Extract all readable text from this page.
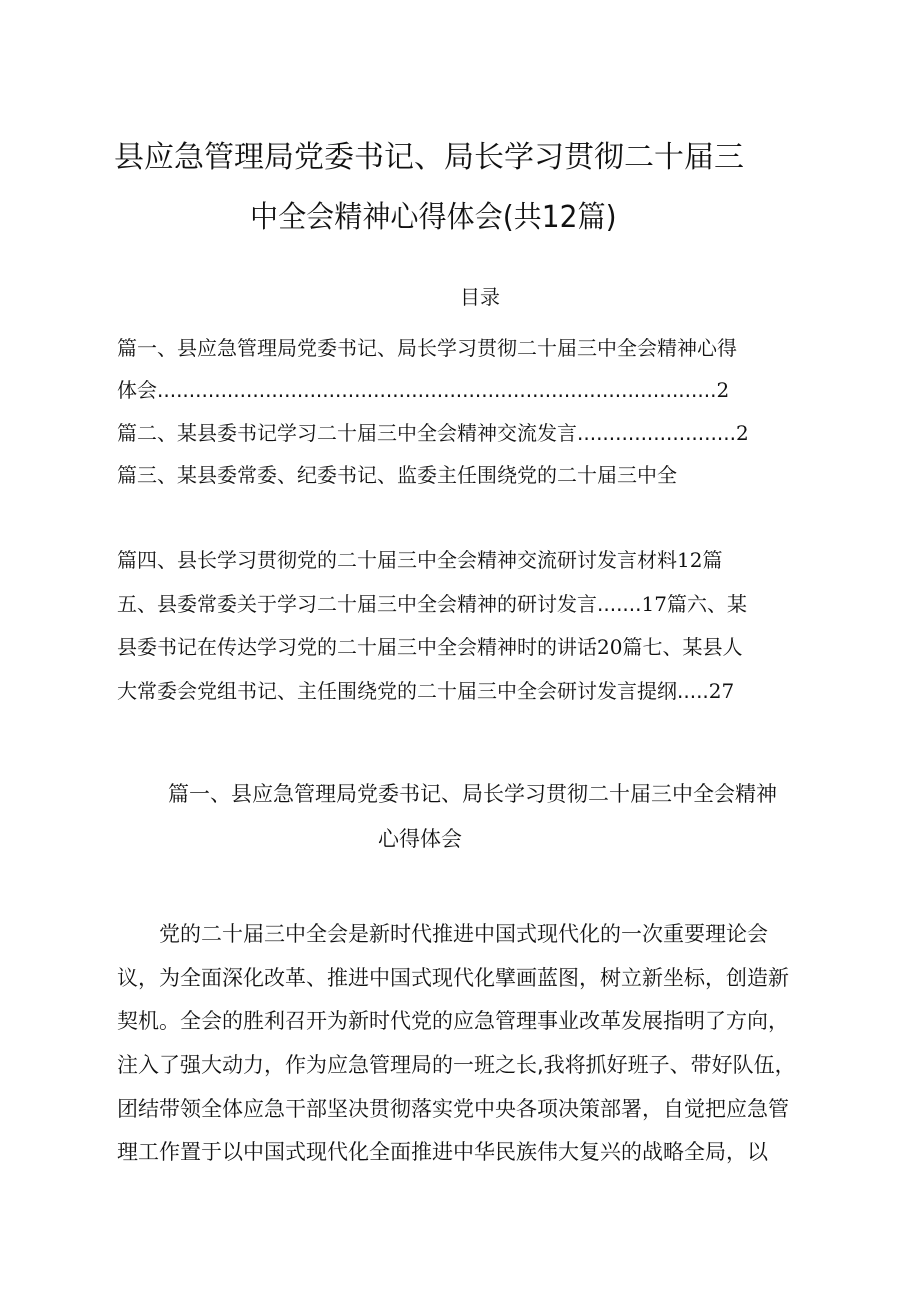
县应急管理局党委书记、局长学习贯彻二十届三
中全会精神心得体会(共12篇)
目录
篇一、县应急管理局党委书记、局长学习贯彻二十届三中全会精神心得
体会........................................................................................2
篇二、某县委书记学习二十届三中全会精神交流发言.........................2
篇三、某县委常委、纪委书记、监委主任围绕党的二十届三中全
篇四、县长学习贯彻党的二十届三中全会精神交流研讨发言材料12篇
五、县委常委关于学习二十届三中全会精神的研讨发言.......17篇六、某
县委书记在传达学习党的二十届三中全会精神时的讲话20篇七、某县人
大常委会党组书记、主任围绕党的二十届三中全会研讨发言提纲.....27
篇一、县应急管理局党委书记、局长学习贯彻二十届三中全会精神
心得体会
　　党的二十届三中全会是新时代推进中国式现代化的一次重要理论会
议，为全面深化改革、推进中国式现代化擘画蓝图，树立新坐标，创造新
契机。全会的胜利召开为新时代党的应急管理事业改革发展指明了方向，
注入了强大动力，作为应急管理局的一班之长,我将抓好班子、带好队伍，
团结带领全体应急干部坚决贯彻落实党中央各项决策部署，自觉把应急管
理工作置于以中国式现代化全面推进中华民族伟大复兴的战略全局，以
